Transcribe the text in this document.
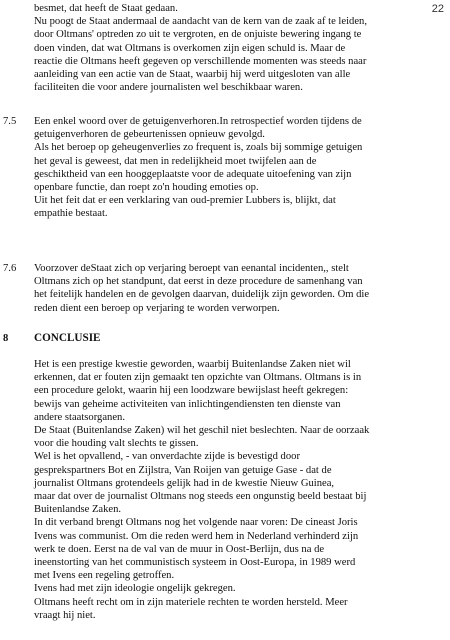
22
besmet, dat heeft de Staat gedaan.
Nu poogt de Staat andermaal de aandacht van de kern van de zaak af te leiden,
door Oltmans' optreden zo uit te vergroten, en de onjuiste bewering ingang te
doen vinden, dat wat Oltmans is overkomen zijn eigen schuld is. Maar de
reactie die Oltmans heeft gegeven op verschillende momenten was steeds naar
aanleiding van een actie van de Staat, waarbij hij werd uitgesloten van alle
faciliteiten die voor andere journalisten wel beschikbaar waren.
7.5 Een enkel woord over de getuigenverhoren.In retrospectief worden tijdens de
getuigenverhoren de gebeurtenissen opnieuw gevolgd.
Als het beroep op geheugenverlies zo frequent is, zoals bij sommige getuigen
het geval is geweest, dat men in redelijkheid moet twijfelen aan de
geschiktheid van een hooggeplaatste voor de adequate uitoefening van zijn
openbare functie, dan roept zo'n houding emoties op.
Uit het feit dat er een verklaring van oud-premier Lubbers is, blijkt, dat
empathie bestaat.
7.6 Voorzover deStaat zich op verjaring beroept van eenantal incidenten,, stelt
Oltmans zich op het standpunt, dat eerst in deze procedure de samenhang van
het feitelijk handelen en de gevolgen daarvan, duidelijk zijn geworden. Om die
reden dient een beroep op verjaring te worden verworpen.
8 CONCLUSIE
Het is een prestige kwestie geworden, waarbij Buitenlandse Zaken niet wil
erkennen, dat er fouten zijn gemaakt ten opzichte van Oltmans. Oltmans is in
een procedure gelokt, waarin hij een loodzware bewijslast heeft gekregen:
bewijs van geheime activiteiten van inlichtingendiensten ten dienste van
andere staatsorganen.
De Staat (Buitenlandse Zaken) wil het geschil niet beslechten. Naar de oorzaak
voor die houding valt slechts te gissen.
Wel is het opvallend, - van onverdachte zijde is bevestigd door
gesprekspartners Bot en Zijlstra, Van Roijen van getuige Gase - dat de
journalist Oltmans grotendeels gelijk had in de kwestie Nieuw Guinea,
maar dat over de journalist Oltmans nog steeds een ongunstig beeld bestaat bij
Buitenlandse Zaken.
In dit verband brengt Oltmans nog het volgende naar voren: De cineast Joris
Ivens was communist. Om die reden werd hem in Nederland verhinderd zijn
werk te doen. Eerst na de val van de muur in Oost-Berlijn, dus na de
ineenstorting van het communistisch systeem in Oost-Europa, in 1989 werd
met Ivens een regeling getroffen.
Ivens had met zijn ideologie ongelijk gekregen.
Oltmans heeft recht om in zijn materiele rechten te worden hersteld. Meer
vraagt hij niet.
